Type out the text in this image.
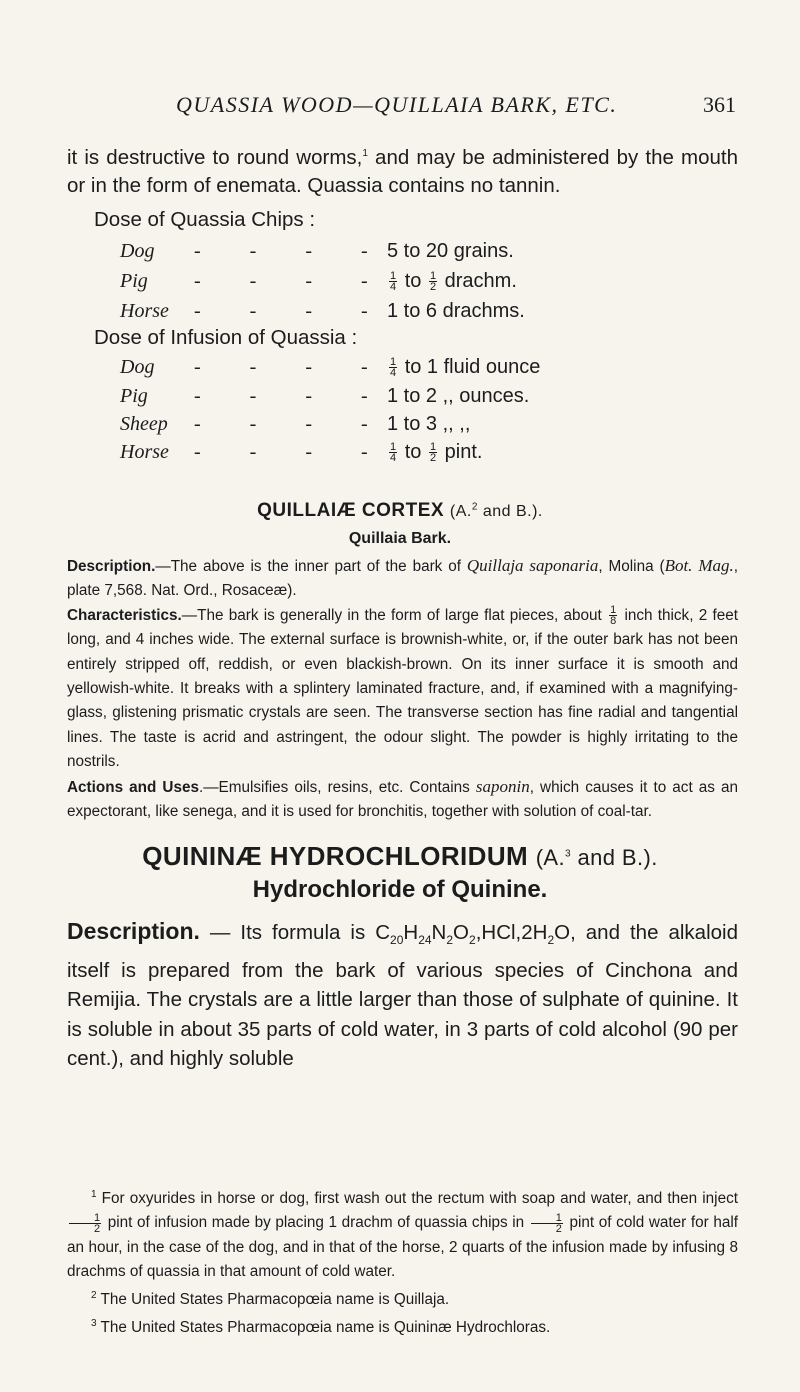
QUASSIA WOOD—QUILLAIA BARK, ETC.	361
it is destructive to round worms,$^1$ and may be administered by the mouth or in the form of enemata. Quassia contains no tannin.
Dose of Quassia Chips :
Dog - - - -
5 to 20 grains.
Pig - - - - $\frac{1}{4}$ to $\frac{1}{2}$ drachm.
Horse - - - -
1 to 6 drachms.
Dose of Infusion of Quassia :
Dog - - - - $\frac{1}{4}$ to 1 fluid ounce
Pig - - - -
1 to 2 ,, ounces.
Sheep - - - -
1 to 3 ,, ,,
Horse - - - - $\frac{1}{4}$ to $\frac{1}{2}$ pint.
QUILLAIÆ CORTEX (A.$^2$ and B.).
Quillaia Bark.
Description.—The above is the inner part of the bark of Quillaja saponaria, Molina (Bot. Mag., plate 7,568. Nat. Ord., Rosaceæ).
Characteristics.—The bark is generally in the form of large flat pieces, about $\frac{1}{8}$ inch thick, 2 feet long, and 4 inches wide. The external surface is brownish-white, or, if the outer bark has not been entirely stripped off, reddish, or even blackish-brown. On its inner surface it is smooth and yellowish-white. It breaks with a splintery laminated fracture, and, if examined with a magnifying-glass, glistening prismatic crystals are seen. The transverse section has fine radial and tangential lines. The taste is acrid and astringent, the odour slight. The powder is highly irritating to the nostrils.
Actions and Uses.—Emulsifies oils, resins, etc. Contains saponin, which causes it to act as an expectorant, like senega, and it is used for bronchitis, together with solution of coal-tar.
QUININÆ HYDROCHLORIDUM (A.$^3$ and B.).
Hydrochloride of Quinine.
Description. — Its formula is $C_{20}H_{24}N_2O_2,HCl,2H_2O$, and the alkaloid itself is prepared from the bark of various species of Cinchona and Remijia. The crystals are a little larger than those of sulphate of quinine. It is soluble in about 35 parts of cold water, in 3 parts of cold alcohol (90 per cent.), and highly soluble

$^1$ For oxyurides in horse or dog, first wash out the rectum with soap and water, and then inject
$\frac{1}{2}$ pint of infusion made by placing 1 drachm of quassia chips in $\frac{1}{2}$ pint of cold water for half an hour, in the case of the dog, and in that of the horse, 2 quarts of the infusion made by infusing 8 drachms of quassia in that amount of cold water.

$^2$ The United States Pharmacopœia name is Quillaja.

$^3$ The United States Pharmacopœia name is Quininæ Hydrochloras.
